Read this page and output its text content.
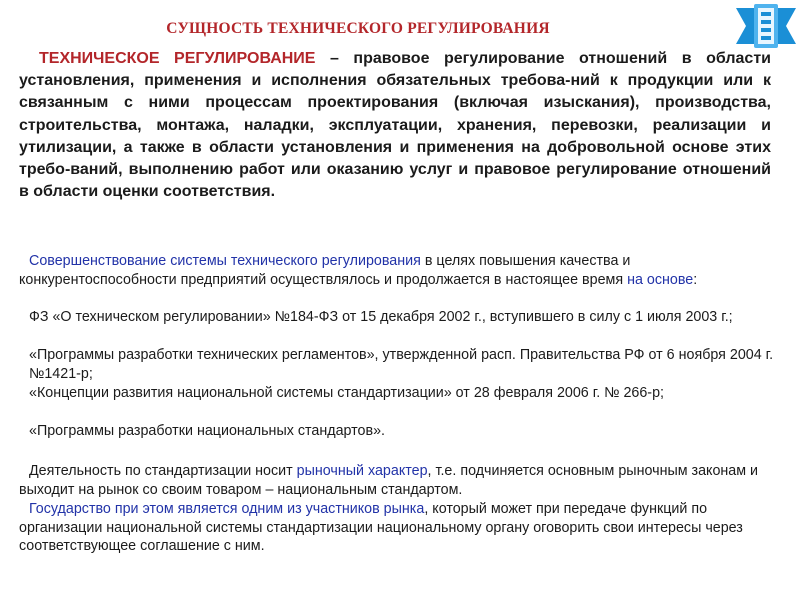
СУЩНОСТЬ ТЕХНИЧЕСКОГО РЕГУЛИРОВАНИЯ
ТЕХНИЧЕСКОЕ РЕГУЛИРОВАНИЕ – правовое регулирование отношений в области установления, применения и исполнения обязательных требова-ний к продукции или к связанным с ними процессам проектирования (включая изыскания), производства, строительства, монтажа, наладки, эксплуатации, хранения, перевозки, реализации и утилизации, а также в области установления и применения на добровольной основе этих требо-ваний, выполнению работ или оказанию услуг и правовое регулирование отношений в области оценки соответствия.
Совершенствование системы технического регулирования в целях повышения качества и конкурентоспособности предприятий осуществлялось и продолжается в настоящее время на основе:
ФЗ «О техническом регулировании» №184-ФЗ от 15 декабря 2002 г., вступившего в силу с 1 июля 2003 г.;
«Программы разработки технических регламентов», утвержденной расп. Правительства РФ от 6 ноября 2004 г. №1421-р;
«Концепции развития национальной системы стандартизации» от 28 февраля 2006 г. № 266-р;
«Программы разработки национальных стандартов».
Деятельность по стандартизации носит рыночный характер, т.е. подчиняется основным рыночным законам и выходит на рынок со своим товаром – национальным стандартом.
Государство при этом является одним из участников рынка, который может при передаче функций по организации национальной системы стандартизации национальному органу оговорить свои интересы через соответствующее соглашение с ним.
